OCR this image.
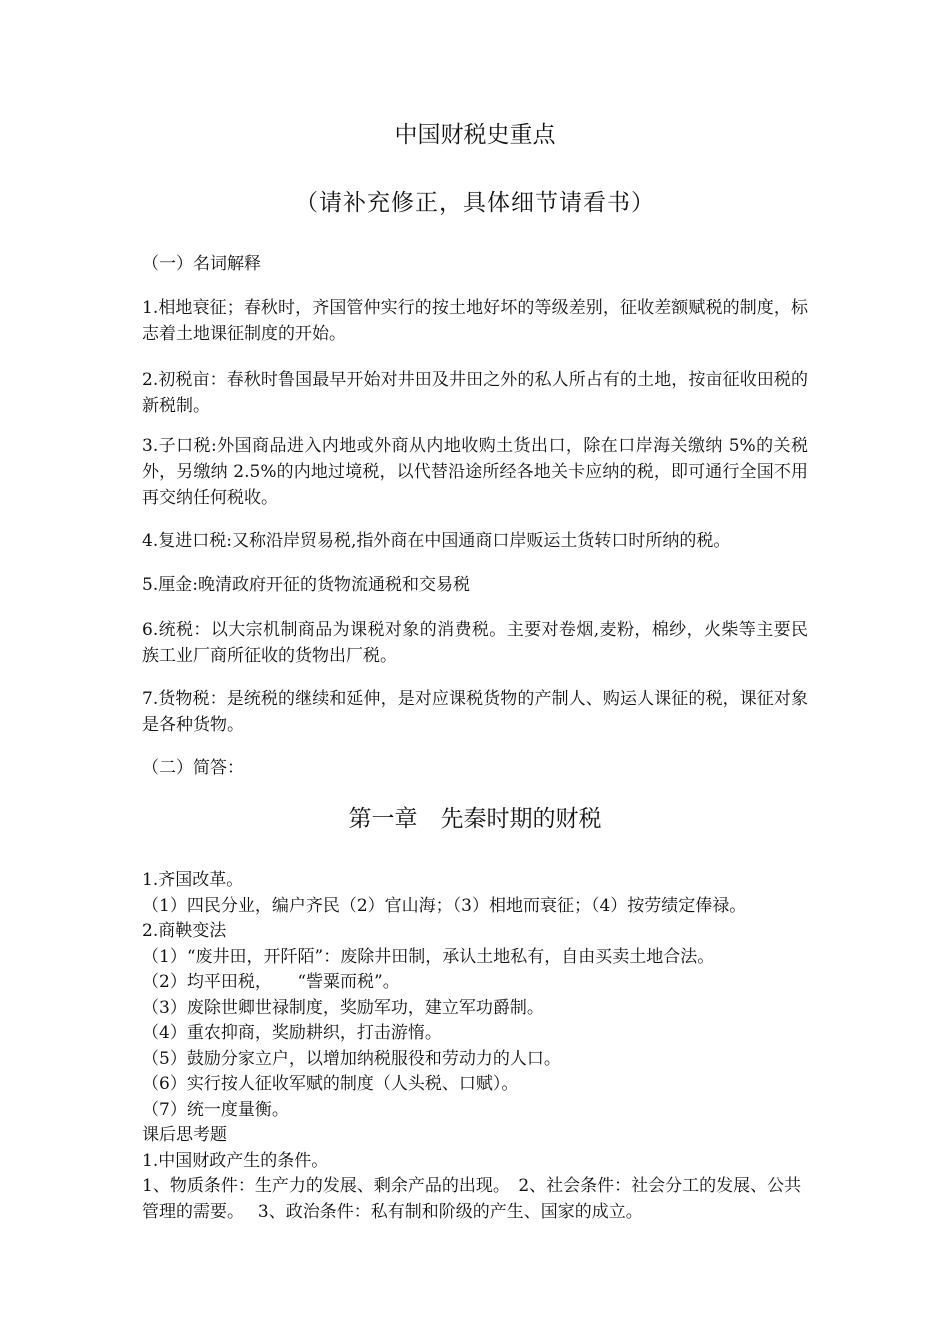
中国财税史重点
（请补充修正，具体细节请看书）

（一）名词解释

1.相地衰征；春秋时，齐国管仲实行的按土地好坏的等级差别，征收差额赋税的制度，标志着土地课征制度的开始。

2.初税亩：春秋时鲁国最早开始对井田及井田之外的私人所占有的土地，按亩征收田税的新税制。

3.子口税:外国商品进入内地或外商从内地收购土货出口，除在口岸海关缴纳 5%的关税外，另缴纳 2.5%的内地过境税，以代替沿途所经各地关卡应纳的税，即可通行全国不用再交纳任何税收。

4.复进口税:又称沿岸贸易税,指外商在中国通商口岸贩运土货转口时所纳的税。

5.厘金:晚清政府开征的货物流通税和交易税

6.统税：以大宗机制商品为课税对象的消费税。主要对卷烟,麦粉，棉纱，火柴等主要民族工业厂商所征收的货物出厂税。

7.货物税：是统税的继续和延伸，是对应课税货物的产制人、购运人课征的税，课征对象是各种货物。

（二）简答：

第一章　先秦时期的财税
1.齐国改革。
（1）四民分业，编户齐民（2）官山海；（3）相地而衰征；（4）按劳绩定俸禄。
2.商鞅变法
（1）“废井田，开阡陌”：废除井田制，承认土地私有，自由买卖土地合法。
（2）均平田税，　　“訾粟而税”。
（3）废除世卿世禄制度，奖励军功，建立军功爵制。
（4）重农抑商，奖励耕织，打击游惰。
（5）鼓励分家立户，以增加纳税服役和劳动力的人口。
（6）实行按人征收军赋的制度（人头税、口赋）。
（7）统一度量衡。
课后思考题
1.中国财政产生的条件。
1、物质条件：生产力的发展、剩余产品的出现。　2、社会条件：社会分工的发展、公共管理的需要。　 3、政治条件：私有制和阶级的产生、国家的成立。
